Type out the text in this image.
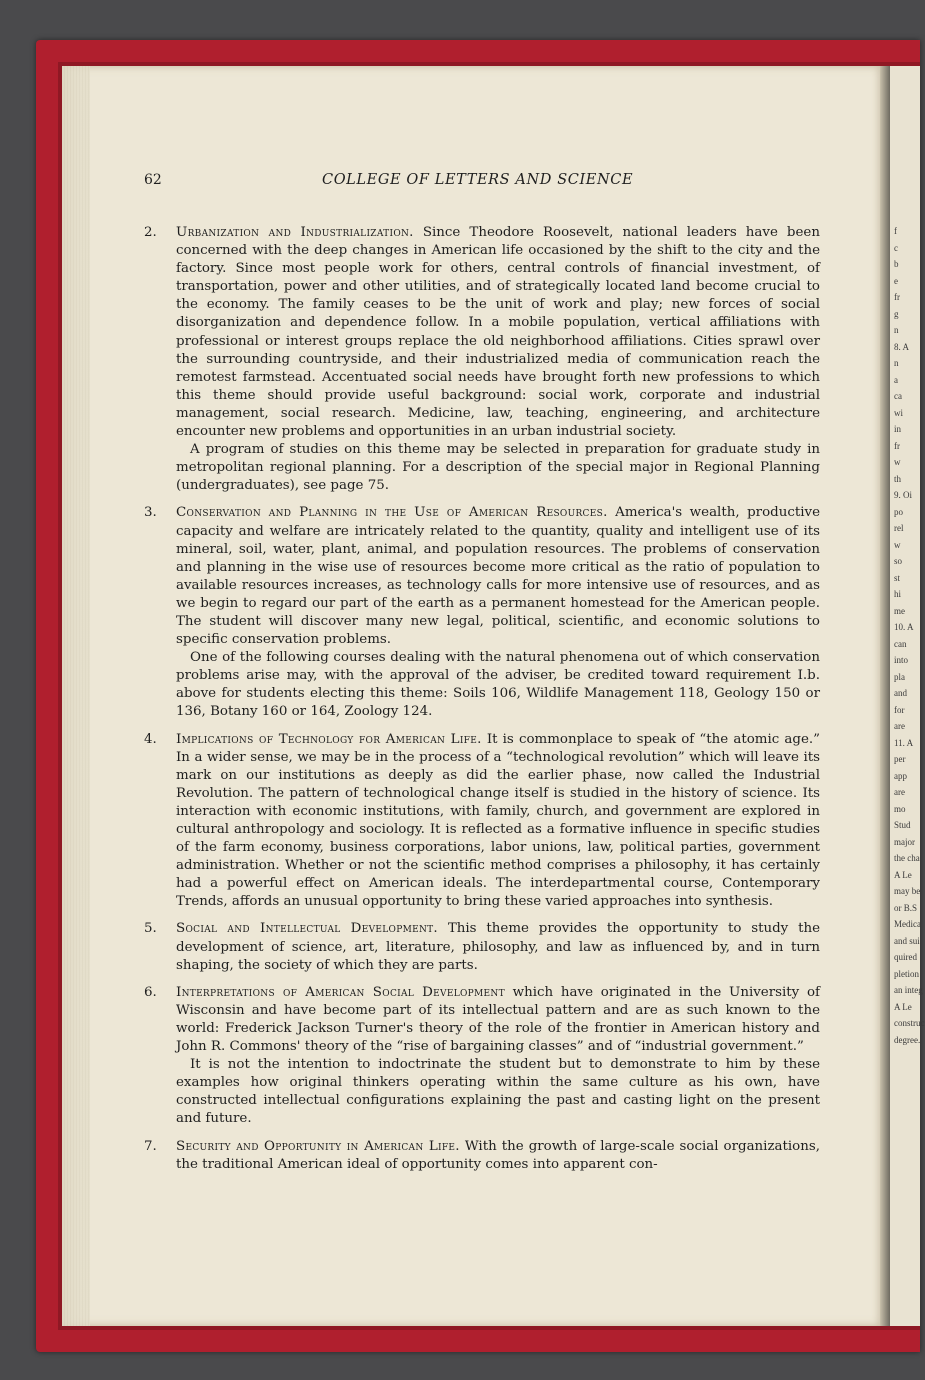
f
c
b
e
fr
g
n
8. A
n
a
ca
wi
in
fr
w
th
9. Oi
po
rel
w
so
st
hi
me
10. A
can
into
pla
and
for
are
11. A
per
app
are
mo
Stud
major
the cha
A Le
may be
or B.S
Medica
and sui
quired
pletion
an integ
A Le
construc
degree.
62	COLLEGE OF LETTERS AND SCIENCE
2. Urbanization and Industrialization. Since Theodore Roosevelt, national leaders have been concerned with the deep changes in American life occasioned by the shift to the city and the factory. Since most people work for others, central controls of financial investment, of transportation, power and other utilities, and of strategically located land become crucial to the economy. The family ceases to be the unit of work and play; new forces of social disorganization and dependence follow. In a mobile population, vertical affiliations with professional or interest groups replace the old neighborhood affiliations. Cities sprawl over the surrounding countryside, and their industrialized media of communication reach the remotest farmstead. Accentuated social needs have brought forth new professions to which this theme should provide useful background: social work, corporate and industrial management, social research. Medicine, law, teaching, engineering, and architecture encounter new problems and opportunities in an urban industrial society.

A program of studies on this theme may be selected in preparation for graduate study in metropolitan regional planning. For a description of the special major in Regional Planning (undergraduates), see page 75.

3. Conservation and Planning in the Use of American Resources. America's wealth, productive capacity and welfare are intricately related to the quantity, quality and intelligent use of its mineral, soil, water, plant, animal, and population resources. The problems of conservation and planning in the wise use of resources become more critical as the ratio of population to available resources increases, as technology calls for more intensive use of resources, and as we begin to regard our part of the earth as a permanent homestead for the American people. The student will discover many new legal, political, scientific, and economic solutions to specific conservation problems.

One of the following courses dealing with the natural phenomena out of which conservation problems arise may, with the approval of the adviser, be credited toward requirement I.b. above for students electing this theme: Soils 106, Wildlife Management 118, Geology 150 or 136, Botany 160 or 164, Zoology 124.

4. Implications of Technology for American Life. It is commonplace to speak of “the atomic age.” In a wider sense, we may be in the process of a “technological revolution” which will leave its mark on our institutions as deeply as did the earlier phase, now called the Industrial Revolution. The pattern of technological change itself is studied in the history of science. Its interaction with economic institutions, with family, church, and government are explored in cultural anthropology and sociology. It is reflected as a formative influence in specific studies of the farm economy, business corporations, labor unions, law, political parties, government administration. Whether or not the scientific method comprises a philosophy, it has certainly had a powerful effect on American ideals. The interdepartmental course, Contemporary Trends, affords an unusual opportunity to bring these varied approaches into synthesis.

5. Social and Intellectual Development. This theme provides the opportunity to study the development of science, art, literature, philosophy, and law as influenced by, and in turn shaping, the society of which they are parts.

6. Interpretations of American Social Development which have originated in the University of Wisconsin and have become part of its intellectual pattern and are as such known to the world: Frederick Jackson Turner's theory of the role of the frontier in American history and John R. Commons' theory of the “rise of bargaining classes” and of “industrial government.”

It is not the intention to indoctrinate the student but to demonstrate to him by these examples how original thinkers operating within the same culture as his own, have constructed intellectual configurations explaining the past and casting light on the present and future.

7. Security and Opportunity in American Life. With the growth of large-scale social organizations, the traditional American ideal of opportunity comes into apparent con-
